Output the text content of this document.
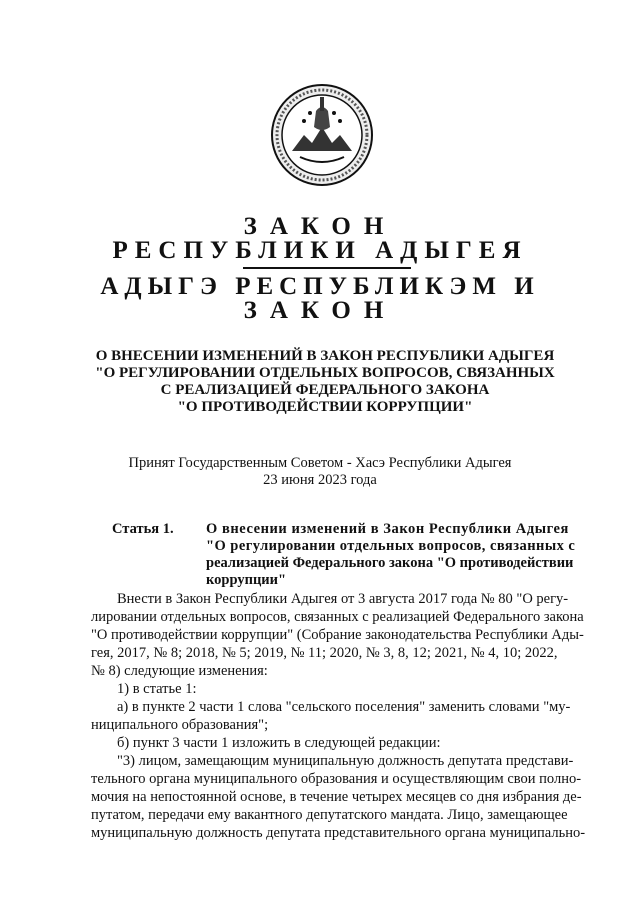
ЗАКОН
РЕСПУБЛИКИ АДЫГЕЯ
АДЫГЭ РЕСПУБЛИКЭМ И
ЗАКОН
О ВНЕСЕНИИ ИЗМЕНЕНИЙ В ЗАКОН РЕСПУБЛИКИ АДЫГЕЯ
"О РЕГУЛИРОВАНИИ ОТДЕЛЬНЫХ ВОПРОСОВ, СВЯЗАННЫХ
С РЕАЛИЗАЦИЕЙ ФЕДЕРАЛЬНОГО ЗАКОНА
"О ПРОТИВОДЕЙСТВИИ КОРРУПЦИИ"
Принят Государственным Советом - Хасэ Республики Адыгея
23 июня 2023 года
Статья 1. О внесении изменений в Закон Республики Адыгея
"О регулировании отдельных вопросов, связанных с
реализацией Федерального закона "О противодействии
коррупции"
Внести в Закон Республики Адыгея от 3 августа 2017 года № 80 "О регу-
лировании отдельных вопросов, связанных с реализацией Федерального закона
"О противодействии коррупции" (Собрание законодательства Республики Ады-
гея, 2017, № 8; 2018, № 5; 2019, № 11; 2020, № 3, 8, 12; 2021, № 4, 10; 2022,
№ 8) следующие изменения:
1) в статье 1:
а) в пункте 2 части 1 слова "сельского поселения" заменить словами "му-
ниципального образования";
б) пункт 3 части 1 изложить в следующей редакции:
"3) лицом, замещающим муниципальную должность депутата представи-
тельного органа муниципального образования и осуществляющим свои полно-
мочия на непостоянной основе, в течение четырех месяцев со дня избрания де-
путатом, передачи ему вакантного депутатского мандата. Лицо, замещающее
муниципальную должность депутата представительного органа муниципально-
